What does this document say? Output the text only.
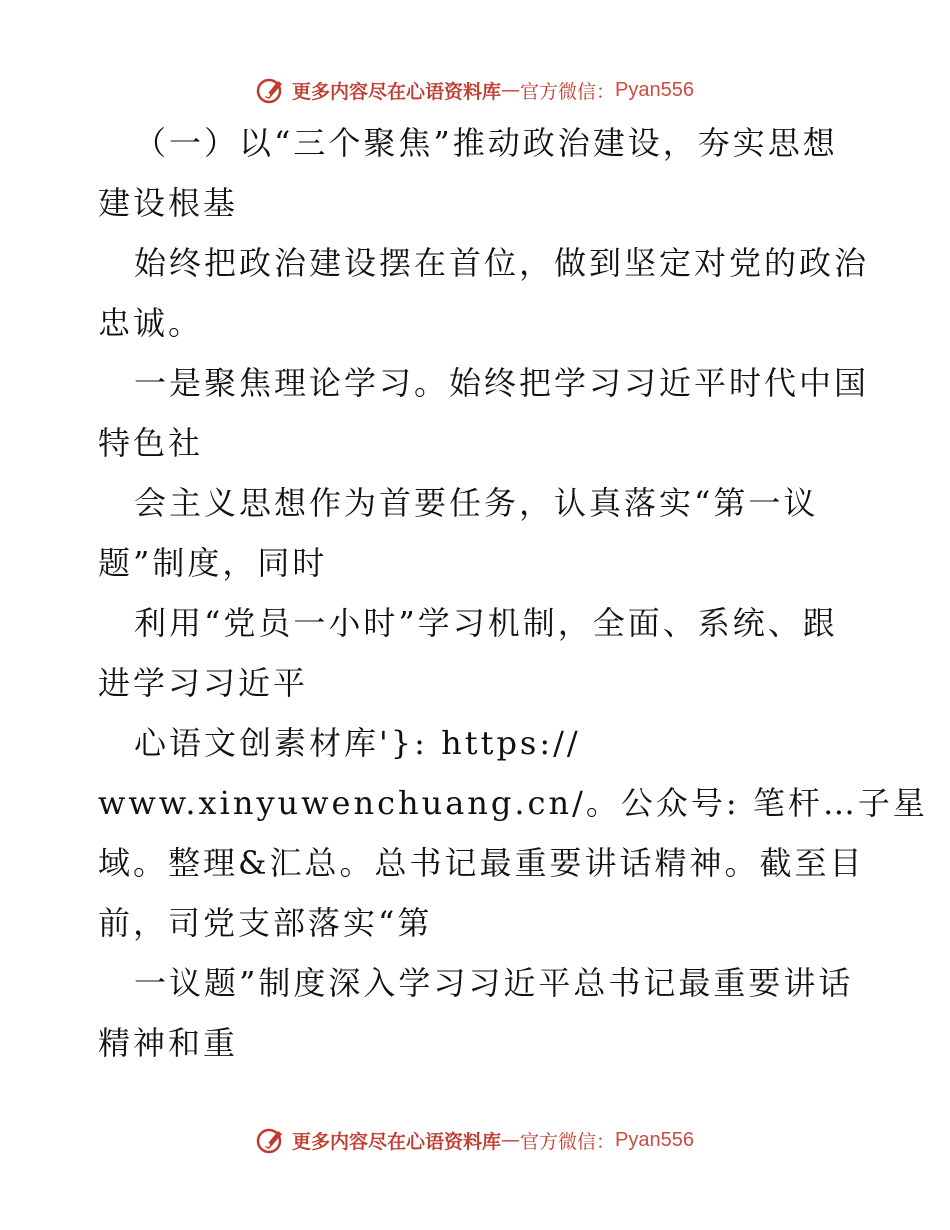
更多内容尽在心语资料库 — 官方微信： Pyan556

（一）以“三个聚焦”推动政治建设，夯实思想

建设根基

始终把政治建设摆在首位，做到坚定对党的政治

忠诚。

一是聚焦理论学习。始终把学习习近平时代中国

特色社

会主义思想作为首要任务，认真落实“第一议

题”制度，同时

利用“党员一小时”学习机制，全面、系统、跟

进学习习近平

心语文创素材库'}: https://

www.xinyuwenchuang.cn/。公众号: 笔杆…子星

域。整理&汇总。总书记最重要讲话精神。截至目

前，司党支部落实“第

一议题”制度深入学习习近平总书记最重要讲话

精神和重

更多内容尽在心语资料库 — 官方微信： Pyan556
